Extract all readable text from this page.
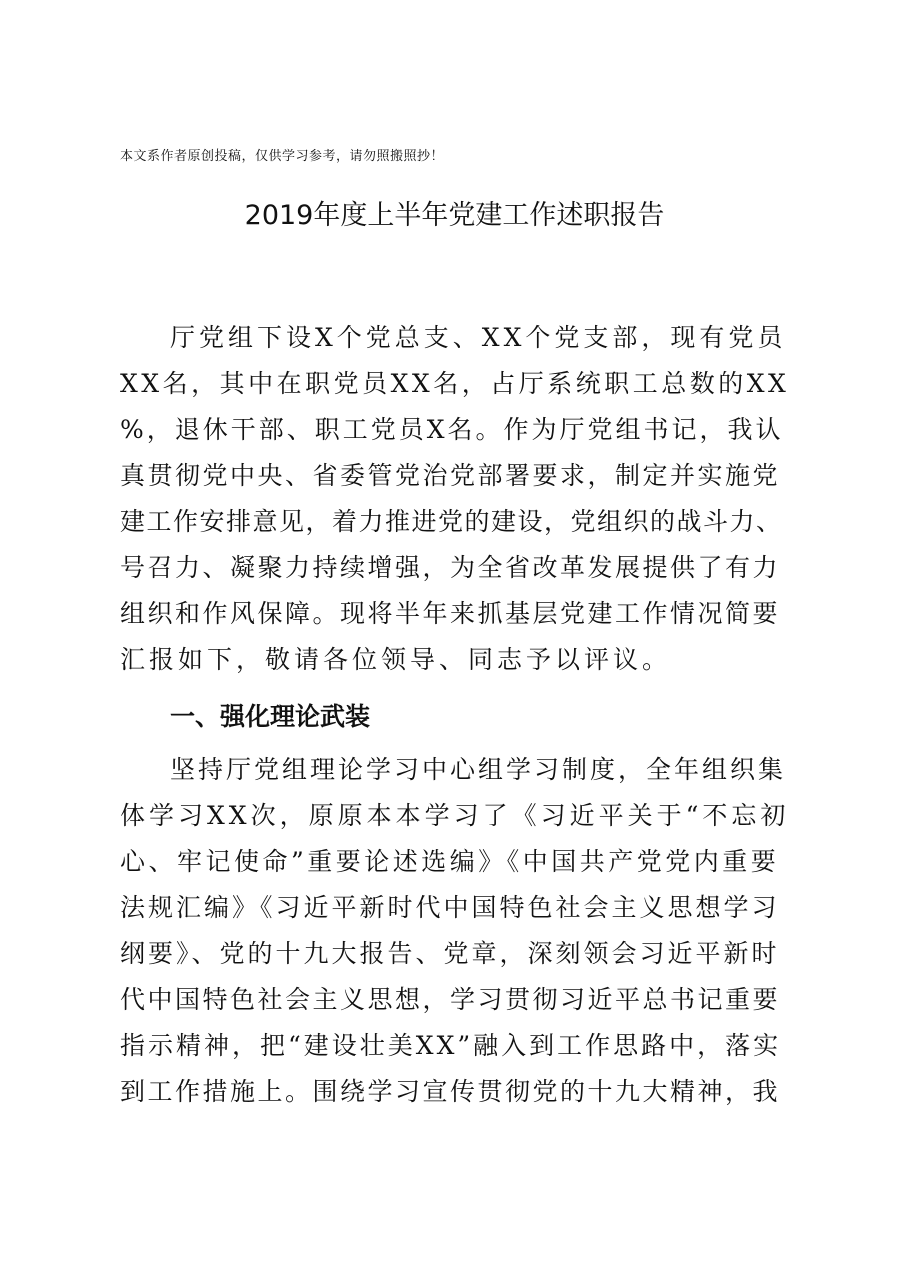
本文系作者原创投稿，仅供学习参考，请勿照搬照抄！
2019年度上半年党建工作述职报告
厅党组下设X个党总支、XX个党支部，现有党员
XX名，其中在职党员XX名，占厅系统职工总数的XX
%，退休干部、职工党员X名。作为厅党组书记，我认
真贯彻党中央、省委管党治党部署要求，制定并实施党
建工作安排意见，着力推进党的建设，党组织的战斗力、
号召力、凝聚力持续增强，为全省改革发展提供了有力
组织和作风保障。现将半年来抓基层党建工作情况简要
汇报如下，敬请各位领导、同志予以评议。
一、强化理论武装
坚持厅党组理论学习中心组学习制度，全年组织集
体学习XX次，原原本本学习了《习近平关于“不忘初
心、牢记使命”重要论述选编》《中国共产党党内重要
法规汇编》《习近平新时代中国特色社会主义思想学习
纲要》、党的十九大报告、党章，深刻领会习近平新时
代中国特色社会主义思想，学习贯彻习近平总书记重要
指示精神，把“建设壮美XX”融入到工作思路中，落实
到工作措施上。围绕学习宣传贯彻党的十九大精神，我
